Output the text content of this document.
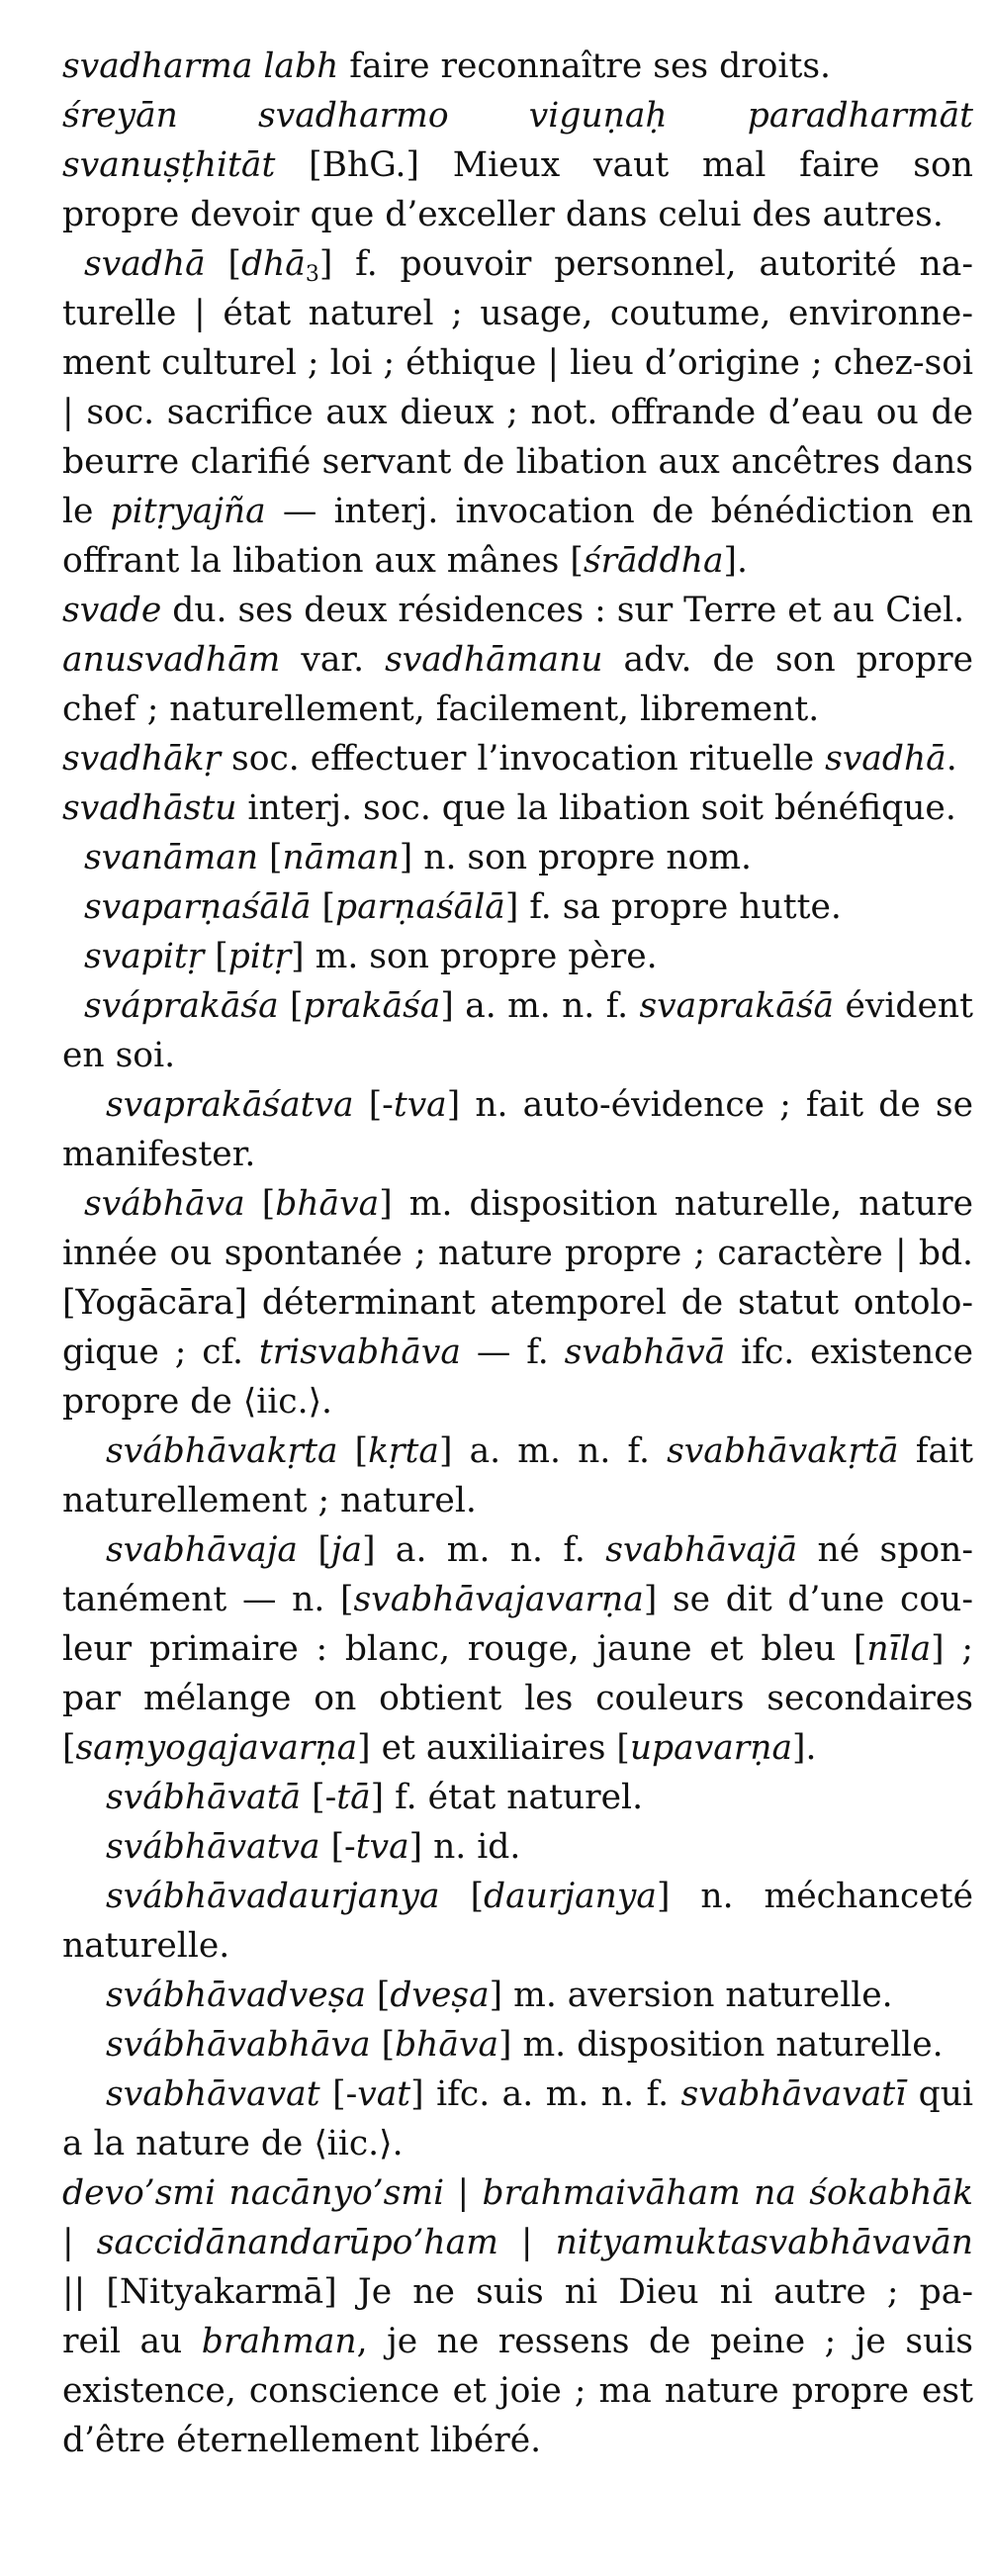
svadharma labh faire reconnaître ses droits.
śreyān svadharmo viguṇaḥ paradharmāt
svanuṣṭhitāt [BhG.] Mieux vaut mal faire son
propre devoir que d’exceller dans celui des autres.
svadhā [dhā$_3$] f. pouvoir personnel, autorité na-
turelle | état naturel ; usage, coutume, environne-
ment culturel ; loi ; éthique | lieu d’origine ; chez-soi
| soc. sacrifice aux dieux ; not. offrande d’eau ou de
beurre clarifié servant de libation aux ancêtres dans
le pitṛyajña — interj. invocation de bénédiction en
offrant la libation aux mânes [śrāddha].
svade du. ses deux résidences : sur Terre et au Ciel.
anusvadhām var. svadhāmanu adv. de son propre
chef ; naturellement, facilement, librement.
svadhākṛ soc. effectuer l’invocation rituelle svadhā.
svadhāstu interj. soc. que la libation soit bénéfique.
svanāman [nāman] n. son propre nom.
svaparṇaśālā [parṇaśālā] f. sa propre hutte.
svapitṛ [pitṛ] m. son propre père.
sváprakāśa [prakāśa] a. m. n. f. svaprakāśā évident
en soi.
svaprakāśatva [-tva] n. auto-évidence ; fait de se
manifester.
svábhāva [bhāva] m. disposition naturelle, nature
innée ou spontanée ; nature propre ; caractère | bd.
[Yogācāra] déterminant atemporel de statut ontolo-
gique ; cf. trisvabhāva — f. svabhāvā ifc. existence
propre de ⟨iic.⟩.
svábhāvakṛta [kṛta] a. m. n. f. svabhāvakṛtā fait
naturellement ; naturel.
svabhāvaja [ja] a. m. n. f. svabhāvajā né spon-
tanément — n. [svabhāvajavarṇa] se dit d’une cou-
leur primaire : blanc, rouge, jaune et bleu [nīla] ;
par mélange on obtient les couleurs secondaires
[saṃyogajavarṇa] et auxiliaires [upavarṇa].
svábhāvatā [-tā] f. état naturel.
svábhāvatva [-tva] n. id.
svábhāvadaurjanya [daurjanya] n. méchanceté
naturelle.
svábhāvadveṣa [dveṣa] m. aversion naturelle.
svábhāvabhāva [bhāva] m. disposition naturelle.
svabhāvavat [-vat] ifc. a. m. n. f. svabhāvavatī qui
a la nature de ⟨iic.⟩.
devo’smi nacānyo’smi | brahmaivāham na śokabhāk
| saccidānandarūpo’ham | nityamuktasvabhāvavān
|| [Nityakarmā] Je ne suis ni Dieu ni autre ; pa-
reil au brahman, je ne ressens de peine ; je suis
existence, conscience et joie ; ma nature propre est
d’être éternellement libéré.
